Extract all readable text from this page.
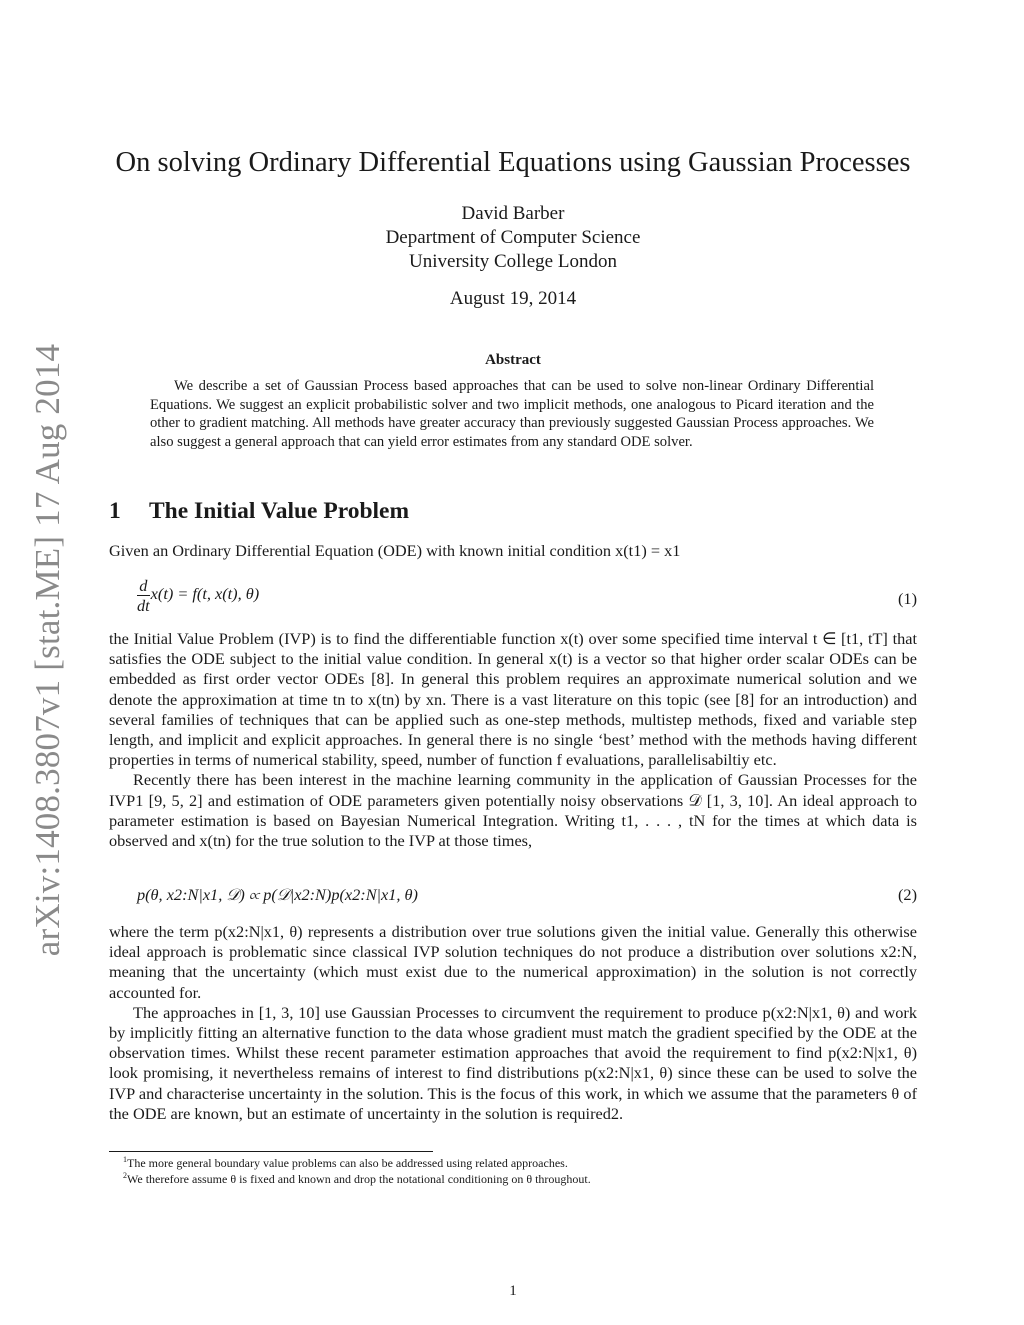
arXiv:1408.3807v1 [stat.ME] 17 Aug 2014
On solving Ordinary Differential Equations using Gaussian Processes
David Barber
Department of Computer Science
University College London
August 19, 2014
Abstract
We describe a set of Gaussian Process based approaches that can be used to solve non-linear Ordinary Differential Equations. We suggest an explicit probabilistic solver and two implicit methods, one analogous to Picard iteration and the other to gradient matching. All methods have greater accuracy than previously suggested Gaussian Process approaches. We also suggest a general approach that can yield error estimates from any standard ODE solver.
1 The Initial Value Problem

Given an Ordinary Differential Equation (ODE) with known initial condition x(t1) = x1

$\frac{d}{dt} x(t) = f(t$, x(t), θ)	(1)

the Initial Value Problem (IVP) is to find the differentiable function x(t) over some specified time interval t ∈ [t1, tT] that satisfies the ODE subject to the initial value condition. In general x(t) is a vector so that higher order scalar ODEs can be embedded as first order vector ODEs [8]. In general this problem requires an approximate numerical solution and we denote the approximation at time tn to x(tn) by xn. There is a vast literature on this topic (see [8] for an introduction) and several families of techniques that can be applied such as one-step methods, multistep methods, fixed and variable step length, and implicit and explicit approaches. In general there is no single ‘best’ method with the methods having different properties in terms of numerical stability, speed, number of function f evaluations, parallelisabiltiy etc.

Recently there has been interest in the machine learning community in the application of Gaussian Processes for the IVP1 [9, 5, 2] and estimation of ODE parameters given potentially noisy observations 𝒟 [1, 3, 10]. An ideal approach to parameter estimation is based on Bayesian Numerical Integration. Writing t1, . . . , tN for the times at which data is observed and x(tn) for the true solution to the IVP at those times,

p(θ, x2:N|x1, 𝒟) ∝ p(𝒟|x2:N)p(x2:N|x1, θ)	(2)

where the term p(x2:N|x1, θ) represents a distribution over true solutions given the initial value. Generally this otherwise ideal approach is problematic since classical IVP solution techniques do not produce a distribution over solutions x2:N, meaning that the uncertainty (which must exist due to the numerical approximation) in the solution is not correctly accounted for.

The approaches in [1, 3, 10] use Gaussian Processes to circumvent the requirement to produce p(x2:N|x1, θ) and work by implicitly fitting an alternative function to the data whose gradient must match the gradient specified by the ODE at the observation times. Whilst these recent parameter estimation approaches that avoid the requirement to find p(x2:N|x1, θ) look promising, it nevertheless remains of interest to find distributions p(x2:N|x1, θ) since these can be used to solve the IVP and characterise uncertainty in the solution. This is the focus of this work, in which we assume that the parameters θ of the ODE are known, but an estimate of uncertainty in the solution is required2.

$^1$The more general boundary value problems can also be addressed using related approaches.
$^2$We therefore assume θ is fixed and known and drop the notational conditioning on θ throughout.
1
